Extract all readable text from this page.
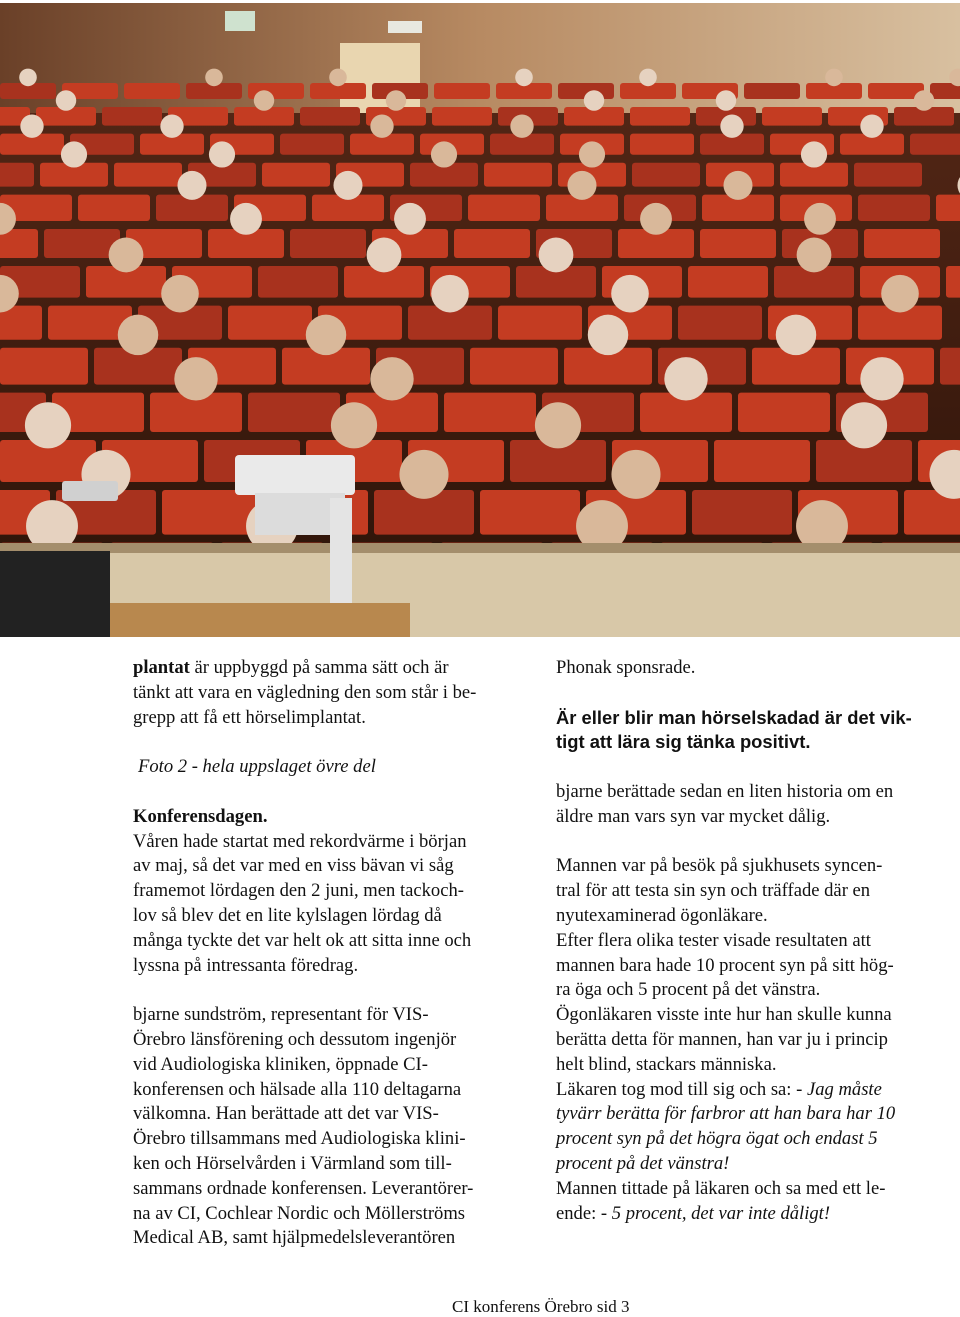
plantat är uppbyggd på samma sätt och är

tänkt att vara en vägledning den som står i be-

grepp att få ett hörselimplantat.

Foto 2 - hela uppslaget övre del

Konferensdagen.

Våren hade startat med rekordvärme i början

av maj, så det var med en viss bävan vi såg

framemot lördagen den 2 juni, men tackoch-

lov så blev det en lite kylslagen lördag då

många tyckte det var helt ok att sitta inne och

lyssna på intressanta föredrag.

bjarne sundström, representant för VIS-

Örebro länsförening och dessutom ingenjör

vid Audiologiska kliniken, öppnade CI-

konferensen och hälsade alla 110 deltagarna

välkomna. Han berättade att det var VIS-

Örebro tillsammans med Audiologiska klini-

ken och Hörselvården i Värmland som till-

sammans ordnade konferensen. Leverantörer-

na av CI, Cochlear Nordic och Möllerströms

Medical AB, samt hjälpmedelsleverantören

Phonak sponsrade.

Är eller blir man hörselskadad är det vik-

tigt att lära sig tänka positivt.

bjarne berättade sedan en liten historia om en

äldre man vars syn var mycket dålig.

Mannen var på besök på sjukhusets syncen-

tral för att testa sin syn och träffade där en

nyutexaminerad ögonläkare.

Efter flera olika tester visade resultaten att

mannen bara hade 10 procent syn på sitt hög-

ra öga och 5 procent på det vänstra.

Ögonläkaren visste inte hur han skulle kunna

berätta detta för mannen, han var ju i princip

helt blind, stackars människa.

Läkaren tog mod till sig och sa: - Jag måste

tyvärr berätta för farbror att han bara har 10

procent syn på det högra ögat och endast 5

procent på det vänstra!

Mannen tittade på läkaren och sa med ett le-

ende: - 5 procent, det var inte dåligt!

CI konferens Örebro sid 3
